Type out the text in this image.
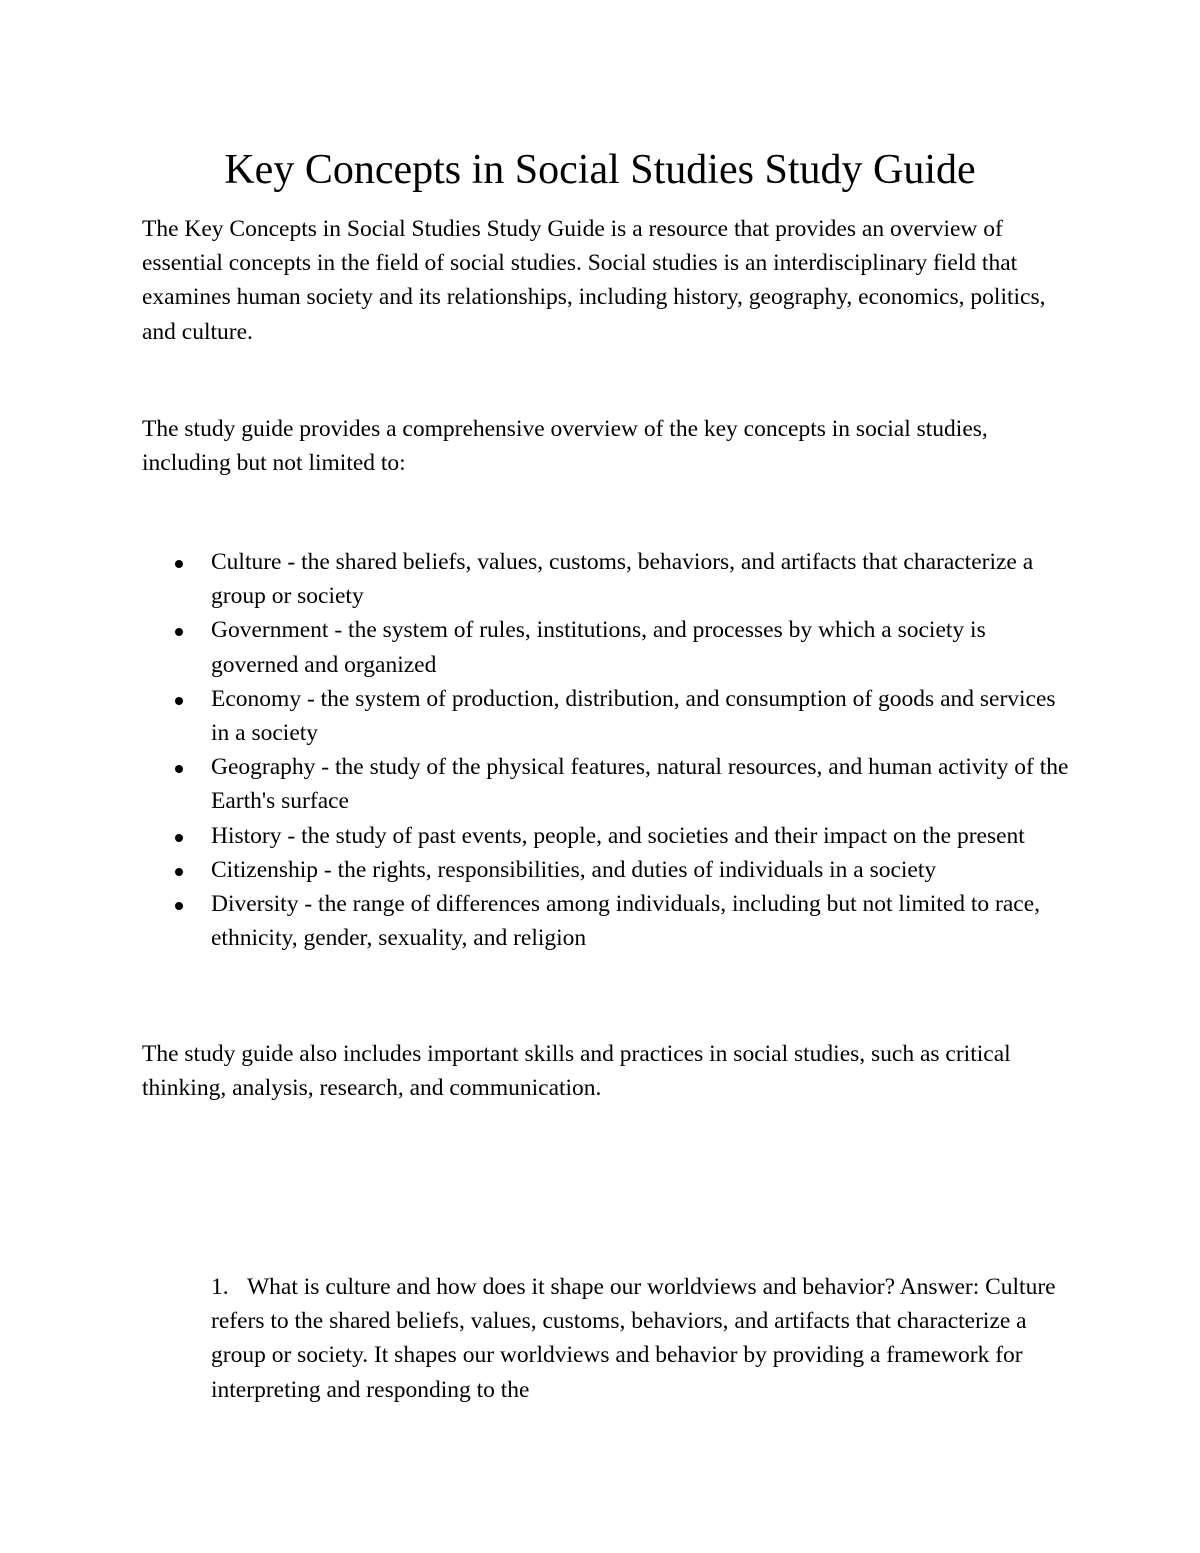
Key Concepts in Social Studies Study Guide

The Key Concepts in Social Studies Study Guide is a resource that provides an overview of essential concepts in the field of social studies. Social studies is an interdisciplinary field that examines human society and its relationships, including history, geography, economics, politics, and culture.

The study guide provides a comprehensive overview of the key concepts in social studies, including but not limited to:

Culture - the shared beliefs, values, customs, behaviors, and artifacts that characterize a group or society
Government - the system of rules, institutions, and processes by which a society is governed and organized
Economy - the system of production, distribution, and consumption of goods and services in a society
Geography - the study of the physical features, natural resources, and human activity of the Earth's surface
History - the study of past events, people, and societies and their impact on the present
Citizenship - the rights, responsibilities, and duties of individuals in a society
Diversity - the range of differences among individuals, including but not limited to race, ethnicity, gender, sexuality, and religion

The study guide also includes important skills and practices in social studies, such as critical thinking, analysis, research, and communication.

1. What is culture and how does it shape our worldviews and behavior? Answer: Culture refers to the shared beliefs, values, customs, behaviors, and artifacts that characterize a group or society. It shapes our worldviews and behavior by providing a framework for interpreting and responding to the
